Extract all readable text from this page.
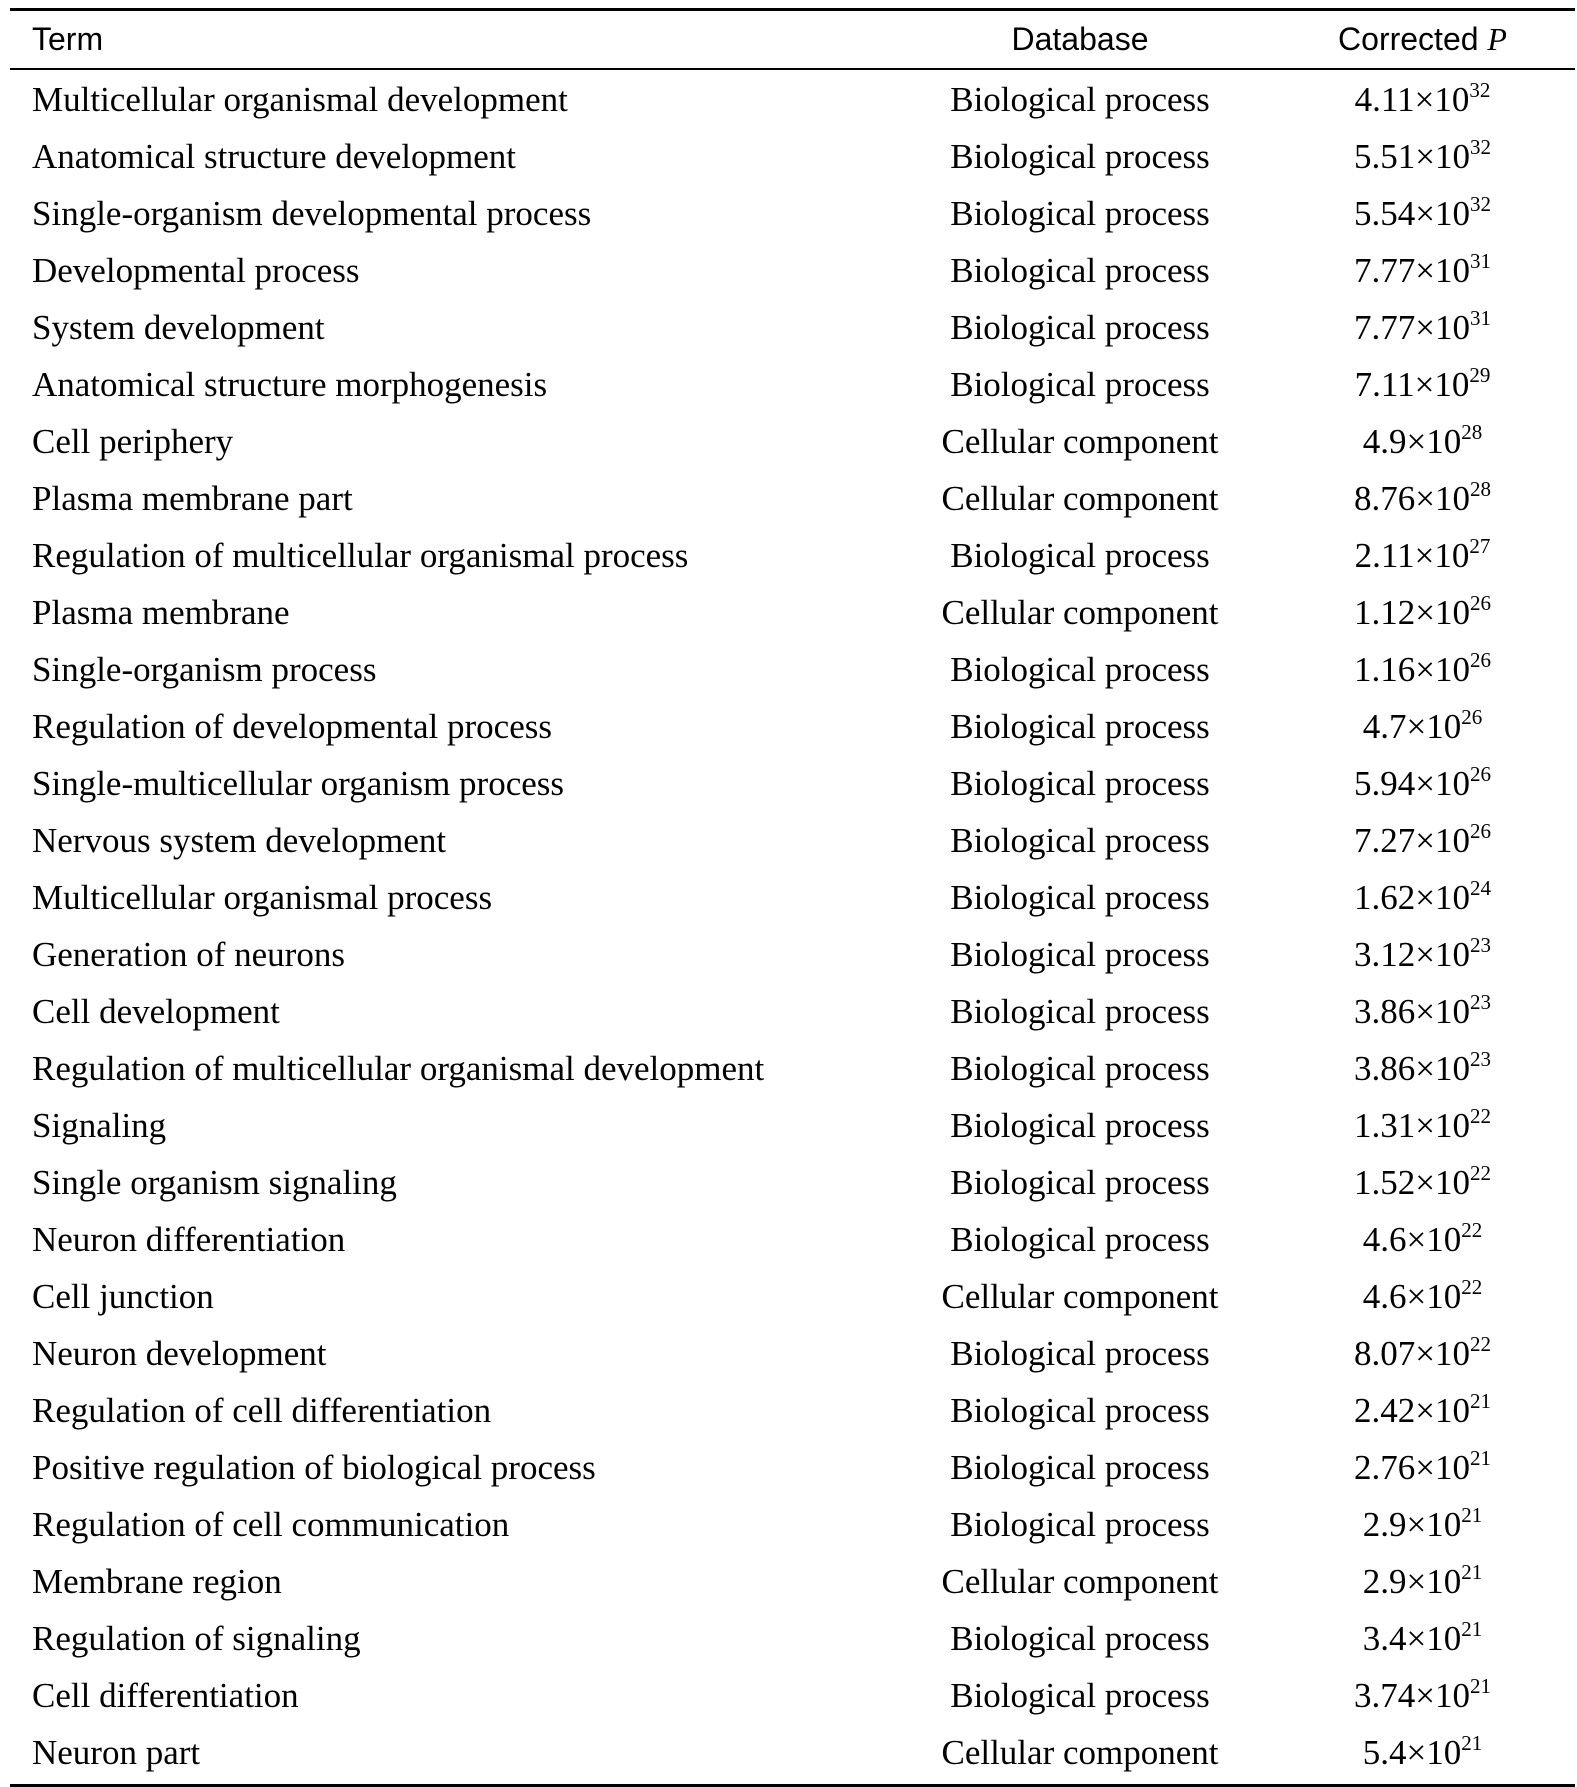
Term	Database	Corrected P
Multicellular organismal development	Biological process	$4.11\times 10^{32}$
Anatomical structure development	Biological process	$5.51\times 10^{32}$
Single-organism developmental process	Biological process	$5.54\times 10^{32}$
Developmental process	Biological process	$7.77\times 10^{31}$
System development	Biological process	$7.77\times 10^{31}$
Anatomical structure morphogenesis	Biological process	$7.11\times 10^{29}$
Cell periphery	Cellular component	$4.9\times 10^{28}$
Plasma membrane part	Cellular component	$8.76\times 10^{28}$
Regulation of multicellular organismal process	Biological process	$2.11\times 10^{27}$
Plasma membrane	Cellular component	$1.12\times 10^{26}$
Single-organism process	Biological process	$1.16\times 10^{26}$
Regulation of developmental process	Biological process	$4.7\times 10^{26}$
Single-multicellular organism process	Biological process	$5.94\times 10^{26}$
Nervous system development	Biological process	$7.27\times 10^{26}$
Multicellular organismal process	Biological process	$1.62\times 10^{24}$
Generation of neurons	Biological process	$3.12\times 10^{23}$
Cell development	Biological process	$3.86\times 10^{23}$
Regulation of multicellular organismal development	Biological process	$3.86\times 10^{23}$
Signaling	Biological process	$1.31\times 10^{22}$
Single organism signaling	Biological process	$1.52\times 10^{22}$
Neuron differentiation	Biological process	$4.6\times 10^{22}$
Cell junction	Cellular component	$4.6\times 10^{22}$
Neuron development	Biological process	$8.07\times 10^{22}$
Regulation of cell differentiation	Biological process	$2.42\times 10^{21}$
Positive regulation of biological process	Biological process	$2.76\times 10^{21}$
Regulation of cell communication	Biological process	$2.9\times 10^{21}$
Membrane region	Cellular component	$2.9\times 10^{21}$
Regulation of signaling	Biological process	$3.4\times 10^{21}$
Cell differentiation	Biological process	$3.74\times 10^{21}$
Neuron part	Cellular component	$5.4\times 10^{21}$
